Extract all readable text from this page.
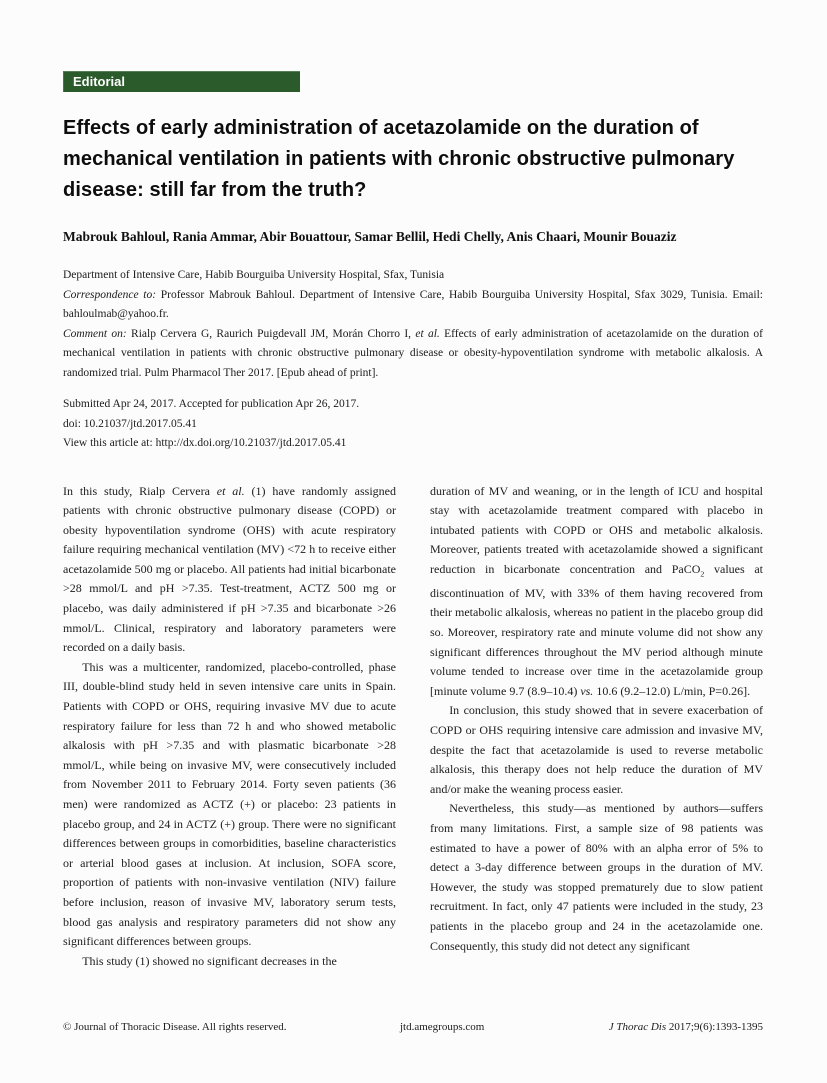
Editorial
Effects of early administration of acetazolamide on the duration of mechanical ventilation in patients with chronic obstructive pulmonary disease: still far from the truth?
Mabrouk Bahloul, Rania Ammar, Abir Bouattour, Samar Bellil, Hedi Chelly, Anis Chaari, Mounir Bouaziz

Department of Intensive Care, Habib Bourguiba University Hospital, Sfax, Tunisia

Correspondence to: Professor Mabrouk Bahloul. Department of Intensive Care, Habib Bourguiba University Hospital, Sfax 3029, Tunisia. Email: bahloulmab@yahoo.fr.

Comment on: Rialp Cervera G, Raurich Puigdevall JM, Morán Chorro I, et al. Effects of early administration of acetazolamide on the duration of mechanical ventilation in patients with chronic obstructive pulmonary disease or obesity-hypoventilation syndrome with metabolic alkalosis. A randomized trial. Pulm Pharmacol Ther 2017. [Epub ahead of print].

Submitted Apr 24, 2017. Accepted for publication Apr 26, 2017.

doi: 10.21037/jtd.2017.05.41

View this article at: http://dx.doi.org/10.21037/jtd.2017.05.41

In this study, Rialp Cervera et al. (1) have randomly assigned patients with chronic obstructive pulmonary disease (COPD) or obesity hypoventilation syndrome (OHS) with acute respiratory failure requiring mechanical ventilation (MV) <72 h to receive either acetazolamide 500 mg or placebo. All patients had initial bicarbonate >28 mmol/L and pH >7.35. Test-treatment, ACTZ 500 mg or placebo, was daily administered if pH >7.35 and bicarbonate >26 mmol/L. Clinical, respiratory and laboratory parameters were recorded on a daily basis.

This was a multicenter, randomized, placebo-controlled, phase III, double-blind study held in seven intensive care units in Spain. Patients with COPD or OHS, requiring invasive MV due to acute respiratory failure for less than 72 h and who showed metabolic alkalosis with pH >7.35 and with plasmatic bicarbonate >28 mmol/L, while being on invasive MV, were consecutively included from November 2011 to February 2014. Forty seven patients (36 men) were randomized as ACTZ (+) or placebo: 23 patients in placebo group, and 24 in ACTZ (+) group. There were no significant differences between groups in comorbidities, baseline characteristics or arterial blood gases at inclusion. At inclusion, SOFA score, proportion of patients with non-invasive ventilation (NIV) failure before inclusion, reason of invasive MV, laboratory serum tests, blood gas analysis and respiratory parameters did not show any significant differences between groups.

This study (1) showed no significant decreases in the

duration of MV and weaning, or in the length of ICU and hospital stay with acetazolamide treatment compared with placebo in intubated patients with COPD or OHS and metabolic alkalosis. Moreover, patients treated with acetazolamide showed a significant reduction in bicarbonate concentration and PaCO$_2$ values at discontinuation of MV, with 33% of them having recovered from their metabolic alkalosis, whereas no patient in the placebo group did so. Moreover, respiratory rate and minute volume did not show any significant differences throughout the MV period although minute volume tended to increase over time in the acetazolamide group [minute volume 9.7 (8.9–10.4) vs. 10.6 (9.2–12.0) L/min, P=0.26].

In conclusion, this study showed that in severe exacerbation of COPD or OHS requiring intensive care admission and invasive MV, despite the fact that acetazolamide is used to reverse metabolic alkalosis, this therapy does not help reduce the duration of MV and/or make the weaning process easier.

Nevertheless, this study—as mentioned by authors—suffers from many limitations. First, a sample size of 98 patients was estimated to have a power of 80% with an alpha error of 5% to detect a 3-day difference between groups in the duration of MV. However, the study was stopped prematurely due to slow patient recruitment. In fact, only 47 patients were included in the study, 23 patients in the placebo group and 24 in the acetazolamide one. Consequently, this study did not detect any significant

© Journal of Thoracic Disease. All rights reserved.	jtd.amegroups.com	J Thorac Dis 2017;9(6):1393-1395
